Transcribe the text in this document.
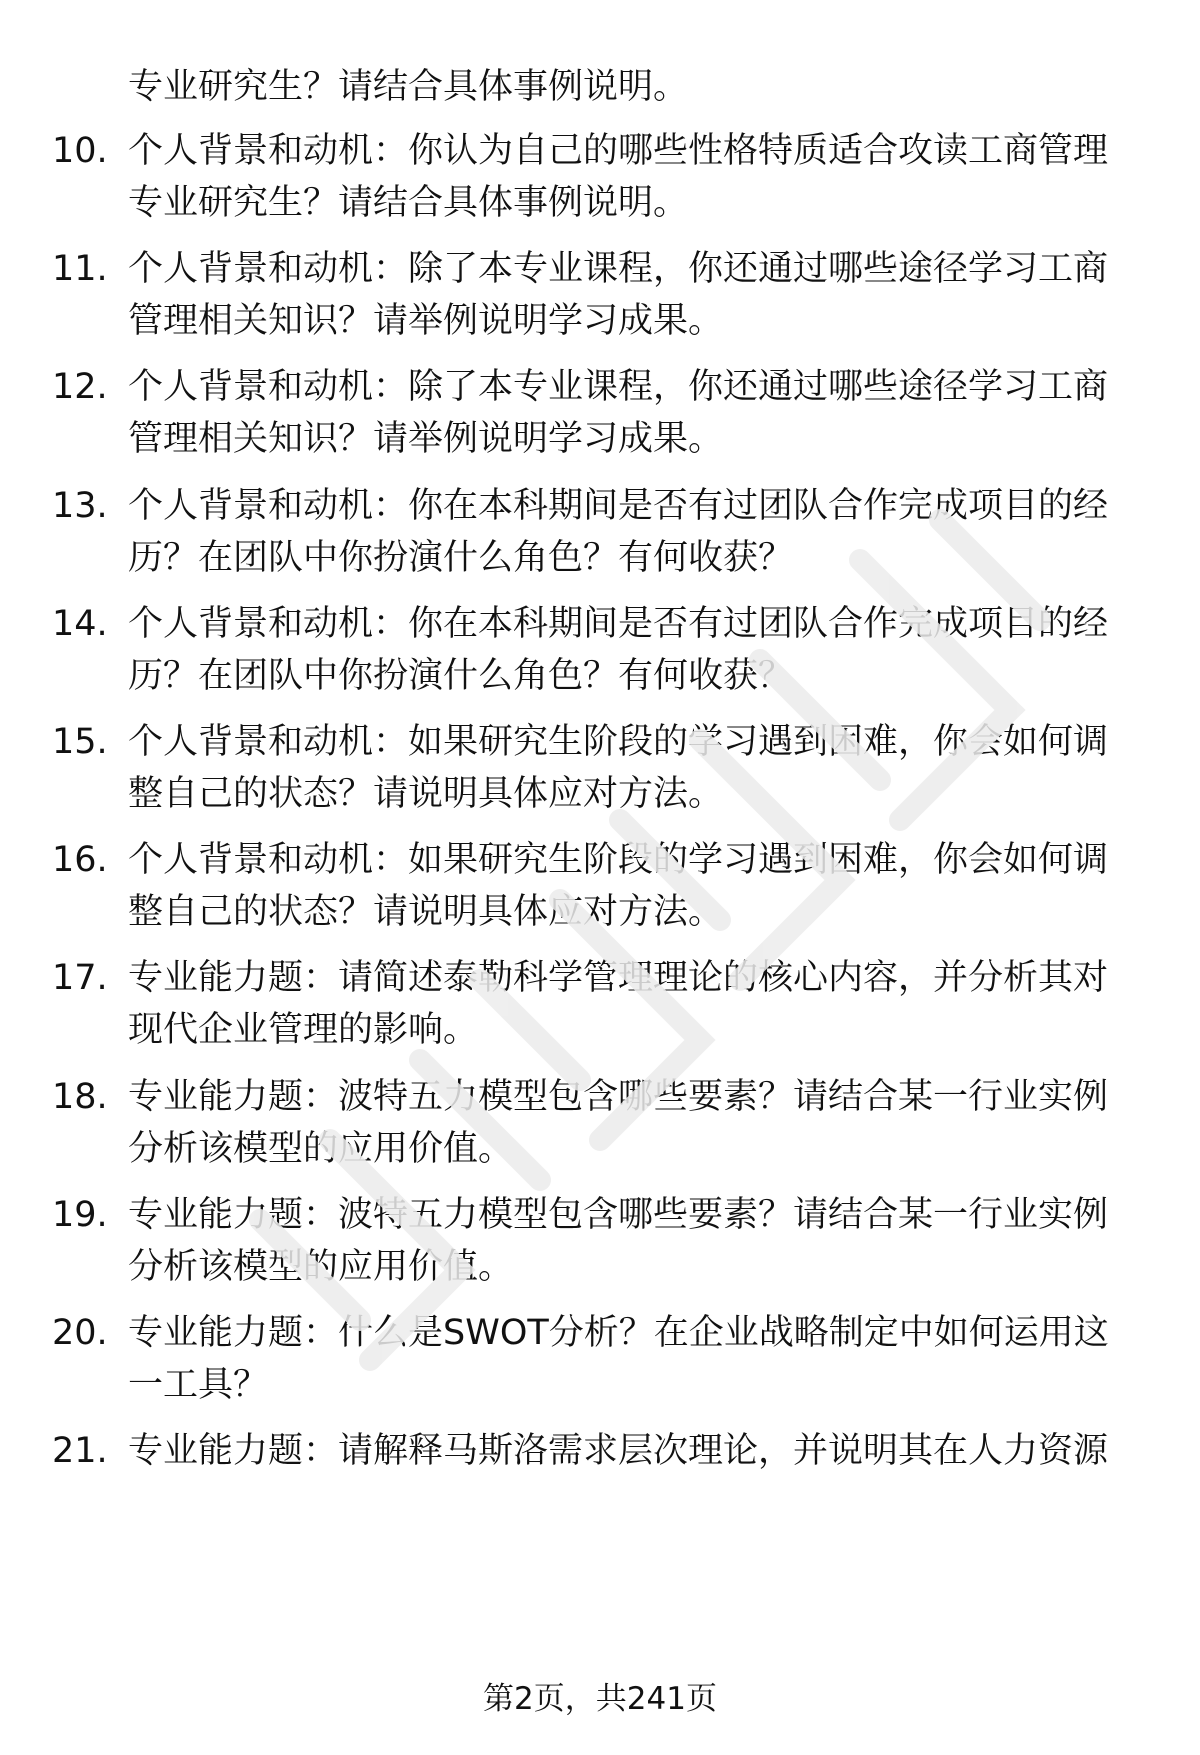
专业研究生？请结合具体事例说明。
10. 个人背景和动机：你认为自己的哪些性格特质适合攻读工商管理
专业研究生？请结合具体事例说明。
11. 个人背景和动机：除了本专业课程，你还通过哪些途径学习工商
管理相关知识？请举例说明学习成果。
12. 个人背景和动机：除了本专业课程，你还通过哪些途径学习工商
管理相关知识？请举例说明学习成果。
13. 个人背景和动机：你在本科期间是否有过团队合作完成项目的经
历？在团队中你扮演什么角色？有何收获？
14. 个人背景和动机：你在本科期间是否有过团队合作完成项目的经
历？在团队中你扮演什么角色？有何收获？
15. 个人背景和动机：如果研究生阶段的学习遇到困难，你会如何调
整自己的状态？请说明具体应对方法。
16. 个人背景和动机：如果研究生阶段的学习遇到困难，你会如何调
整自己的状态？请说明具体应对方法。
17. 专业能力题：请简述泰勒科学管理理论的核心内容，并分析其对
现代企业管理的影响。
18. 专业能力题：波特五力模型包含哪些要素？请结合某一行业实例
分析该模型的应用价值。
19. 专业能力题：波特五力模型包含哪些要素？请结合某一行业实例
分析该模型的应用价值。
20. 专业能力题：什么是SWOT分析？在企业战略制定中如何运用这
一工具？
21. 专业能力题：请解释马斯洛需求层次理论，并说明其在人力资源
第2页，共241页
